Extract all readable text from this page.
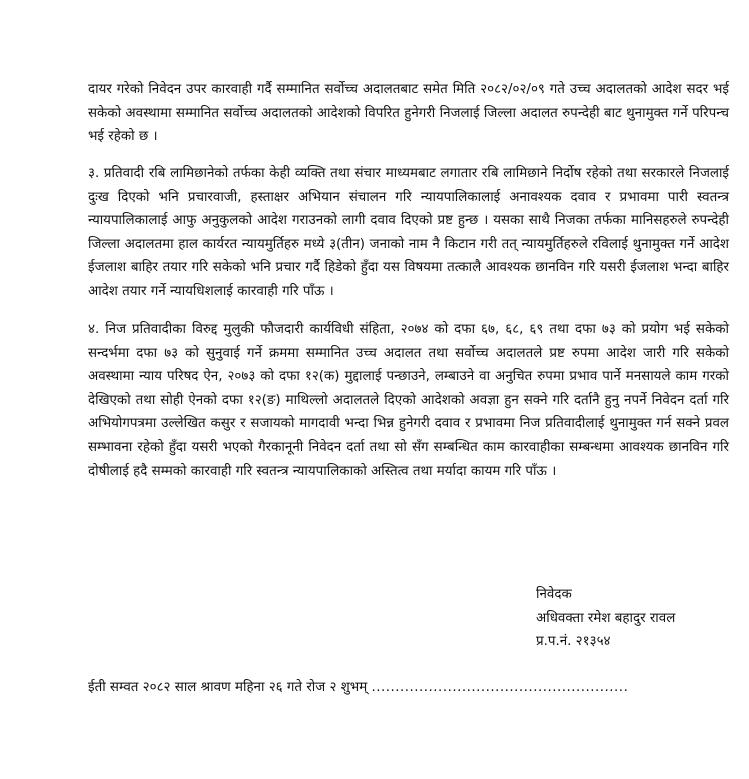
दायर गरेको निवेदन उपर कारवाही गर्दै सम्मानित सर्वोच्च अदालतबाट समेत मिति २०८२/०२/०९ गते उच्च अदालतको आदेश सदर भई सकेको अवस्थामा सम्मानित सर्वोच्च अदालतको आदेशको विपरित हुनेगरी निजलाई जिल्ला अदालत रुपन्देही बाट थुनामुक्त गर्ने परिपन्च भई रहेको छ ।

३. प्रतिवादी रबि लामिछानेको तर्फका केही व्यक्ति तथा संचार माध्यमबाट लगातार रबि लामिछाने निर्दोष रहेको तथा सरकारले निजलाई दुःख दिएको भनि प्रचारवाजी, हस्ताक्षर अभियान संचालन गरि न्यायपालिकालाई अनावश्यक दवाव र प्रभावमा पारी स्वतन्त्र न्यायपालिकालाई आफु अनुकुलको आदेश गराउनको लागी दवाव दिएको प्रष्ट हुन्छ । यसका साथै निजका तर्फका मानिसहरुले रुपन्देही जिल्ला अदालतमा हाल कार्यरत न्यायमुर्तिहरु मध्ये ३(तीन) जनाको नाम नै किटान गरी तत् न्यायमुर्तिहरुले रविलाई थुनामुक्त गर्ने आदेश ईजलाश बाहिर तयार गरि सकेको भनि प्रचार गर्दै हिडेको हुँदा यस विषयमा तत्काल‌ै आवश्यक छानविन गरि यसरी ईजलाश भन्दा बाहिर आदेश तयार गर्ने न्यायधिशलाई कारवाही गरि पाँऊ ।

४. निज प्रतिवादीका विरुद्द मुलुकी फौजदारी कार्यविधी संहिता, २०७४ को दफा ६७, ६८, ६९ तथा दफा ७३ को प्रयोग भई सकेको सन्दर्भमा दफा ७३ को सुनुवाई गर्ने क्रममा सम्मानित उच्च अदालत तथा सर्वोच्च अदालतले प्रष्ट रुपमा आदेश जारी गरि सकेको अवस्थामा न्याय परिषद ऐन, २०७३ को दफा १२(क) मुद्दालाई पन्छाउने, लम्बाउने वा अनुचित रुपमा प्रभाव पार्ने मनसायले काम गरको देखिएको तथा सोही ऐनको दफा १२(ङ) माथिल्लो अदालतले दिएको आदेशको अवज्ञा हुन सक्ने गरि दर्तानै हुनु नपर्ने निवेदन दर्ता गरि अभियोगपत्रमा उल्लेखित कसुर र सजायको मागदावी भन्दा भिन्न हुनेगरी दवाव र प्रभावमा निज प्रतिवादीलाई थुनामुक्त गर्न सक्ने प्रवल सम्भावना रहेको हुँदा यसरी भएको गैरकानूनी निवेदन दर्ता तथा सो सँग सम्बन्धित काम कारवाहीका सम्बन्धमा आवश्यक छानविन गरि दोषीलाई हदै सम्मको कारवाही गरि स्वतन्त्र न्यायपालिकाको अस्तित्व तथा मर्यादा कायम गरि पाँऊ ।

निवेदक
अधिवक्ता रमेश बहादुर रावल
प्र.प.नं. २१३५४
ईती सम्वत २०८२ साल श्रावण महिना २६ गते रोज २ शुभम् ......................................................
